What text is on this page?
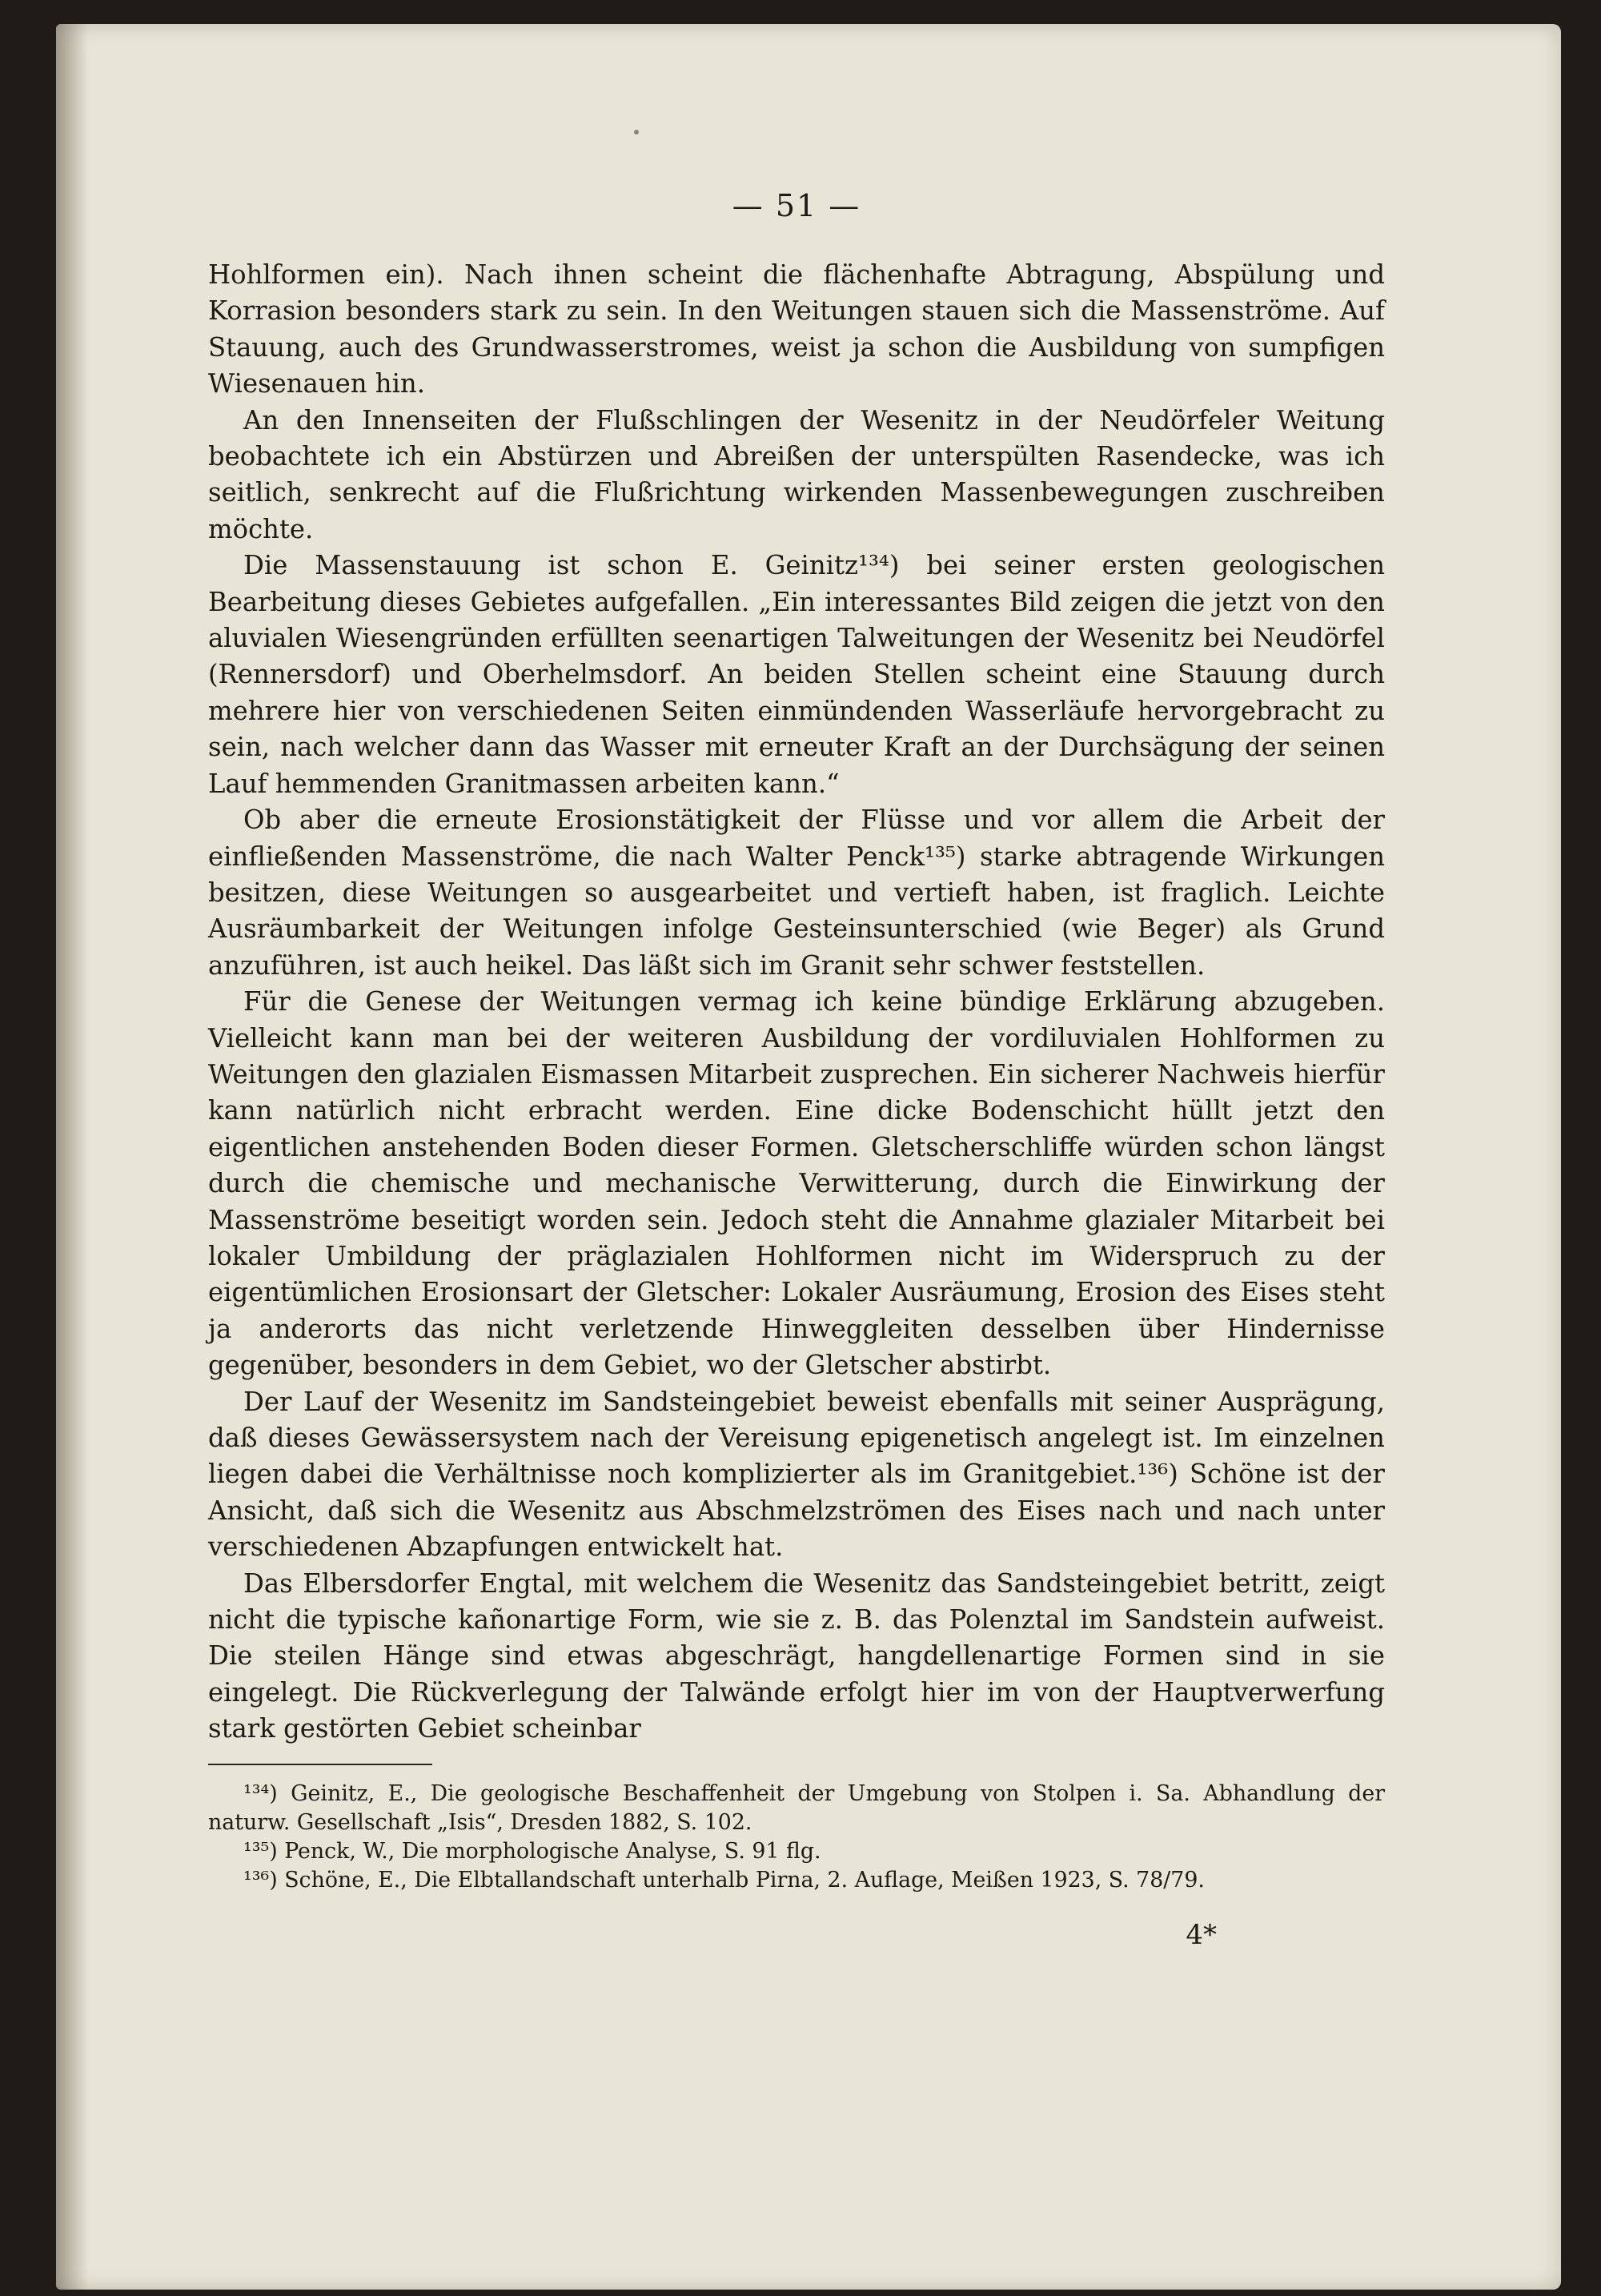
— 51 —

Hohlformen ein). Nach ihnen scheint die flächenhafte Abtragung, Abspülung und Korrasion besonders stark zu sein. In den Weitungen stauen sich die Massenströme. Auf Stauung, auch des Grundwasserstromes, weist ja schon die Ausbildung von sumpfigen Wiesenauen hin.

An den Innenseiten der Flußschlingen der Wesenitz in der Neudörfeler Weitung beobachtete ich ein Abstürzen und Abreißen der unterspülten Rasendecke, was ich seitlich, senkrecht auf die Flußrichtung wirkenden Massenbewegungen zuschreiben möchte.

Die Massenstauung ist schon E. Geinitz¹³⁴) bei seiner ersten geologischen Bearbeitung dieses Gebietes aufgefallen. „Ein interessantes Bild zeigen die jetzt von den aluvialen Wiesengründen erfüllten seenartigen Talweitungen der Wesenitz bei Neudörfel (Rennersdorf) und Oberhelmsdorf. An beiden Stellen scheint eine Stauung durch mehrere hier von verschiedenen Seiten einmündenden Wasserläufe hervorgebracht zu sein, nach welcher dann das Wasser mit erneuter Kraft an der Durchsägung der seinen Lauf hemmenden Granitmassen arbeiten kann.“

Ob aber die erneute Erosionstätigkeit der Flüsse und vor allem die Arbeit der einfließenden Massenströme, die nach Walter Penck¹³⁵) starke abtragende Wirkungen besitzen, diese Weitungen so ausgearbeitet und vertieft haben, ist fraglich. Leichte Ausräumbarkeit der Weitungen infolge Gesteinsunterschied (wie Beger) als Grund anzuführen, ist auch heikel. Das läßt sich im Granit sehr schwer feststellen.

Für die Genese der Weitungen vermag ich keine bündige Erklärung abzugeben. Vielleicht kann man bei der weiteren Ausbildung der vordiluvialen Hohlformen zu Weitungen den glazialen Eismassen Mitarbeit zusprechen. Ein sicherer Nachweis hierfür kann natürlich nicht erbracht werden. Eine dicke Bodenschicht hüllt jetzt den eigentlichen anstehenden Boden dieser Formen. Gletscherschliffe würden schon längst durch die chemische und mechanische Verwitterung, durch die Einwirkung der Massenströme beseitigt worden sein. Jedoch steht die Annahme glazialer Mitarbeit bei lokaler Umbildung der präglazialen Hohlformen nicht im Widerspruch zu der eigentümlichen Erosionsart der Gletscher: Lokaler Ausräumung, Erosion des Eises steht ja anderorts das nicht verletzende Hinweggleiten desselben über Hindernisse gegenüber, besonders in dem Gebiet, wo der Gletscher abstirbt.

Der Lauf der Wesenitz im Sandsteingebiet beweist ebenfalls mit seiner Ausprägung, daß dieses Gewässersystem nach der Vereisung epigenetisch angelegt ist. Im einzelnen liegen dabei die Verhältnisse noch komplizierter als im Granitgebiet.¹³⁶) Schöne ist der Ansicht, daß sich die Wesenitz aus Abschmelzströmen des Eises nach und nach unter verschiedenen Abzapfungen entwickelt hat.

Das Elbersdorfer Engtal, mit welchem die Wesenitz das Sandsteingebiet betritt, zeigt nicht die typische kañonartige Form, wie sie z. B. das Polenztal im Sandstein aufweist. Die steilen Hänge sind etwas abgeschrägt, hangdellenartige Formen sind in sie eingelegt. Die Rückverlegung der Talwände erfolgt hier im von der Hauptverwerfung stark gestörten Gebiet scheinbar

¹³⁴) Geinitz, E., Die geologische Beschaffenheit der Umgebung von Stolpen i. Sa. Abhandlung der naturw. Gesellschaft „Isis“, Dresden 1882, S. 102.

¹³⁵) Penck, W., Die morphologische Analyse, S. 91 flg.

¹³⁶) Schöne, E., Die Elbtallandschaft unterhalb Pirna, 2. Auflage, Meißen 1923, S. 78/79.

4*
